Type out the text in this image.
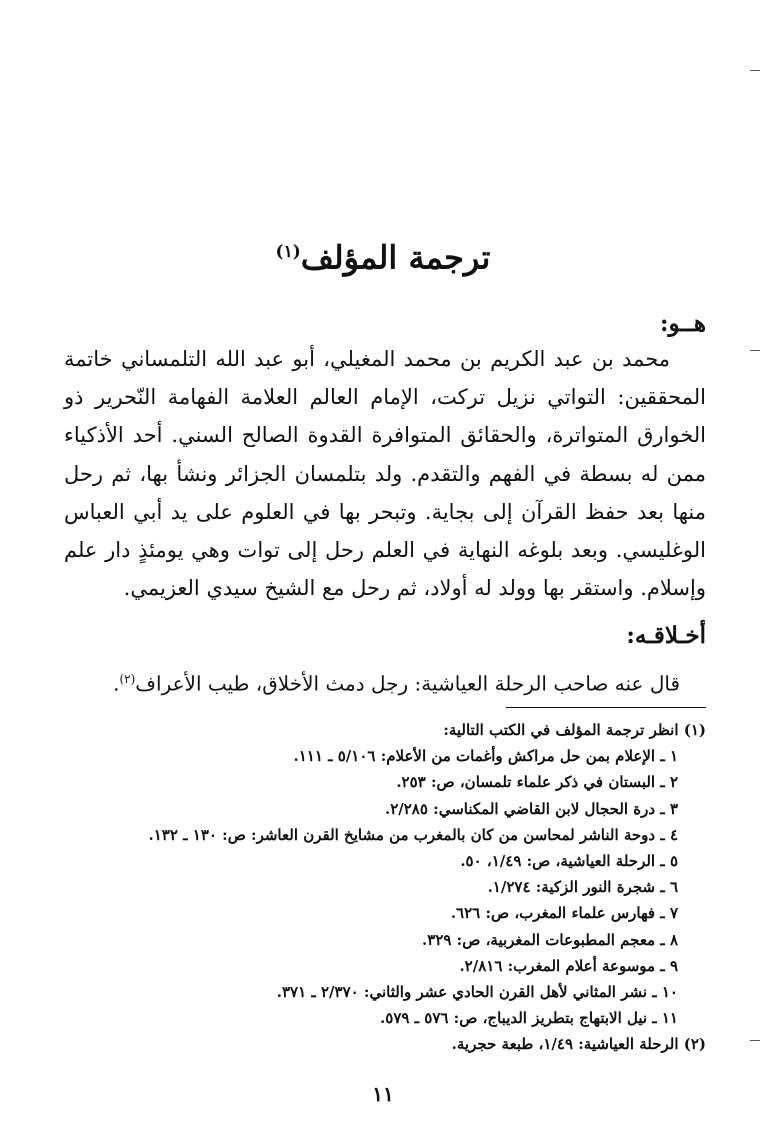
ترجمة المؤلف$^{(١)}$
هــو:

محمد بن عبد الكريم بن محمد المغيلي، أبو عبد الله التلمساني خاتمة المحققين: التواتي نزيل تركت، الإمام العالم العلامة الفهامة النّحرير ذو الخوارق المتواترة، والحقائق المتوافرة القدوة الصالح السني. أحد الأذكياء ممن له بسطة في الفهم والتقدم. ولد بتلمسان الجزائر ونشأ بها، ثم رحل منها بعد حفظ القرآن إلى بجاية. وتبحر بها في العلوم على يد أبي العباس الوغليسي. وبعد بلوغه النهاية في العلم رحل إلى توات وهي يومئذٍ دار علم وإسلام. واستقر بها وولد له أولاد، ثم رحل مع الشيخ سيدي العزيمي.

أخـلاقـه:
قال عنه صاحب الرحلة العياشية: رجل دمث الأخلاق، طيب الأعراف$^{(٢)}$.
(١) انظر ترجمة المؤلف في الكتب التالية:
١ ـ الإعلام بمن حل مراكش وأغمات من الأعلام: ٥/١٠٦ ـ ١١١.
٢ ـ البستان في ذكر علماء تلمسان، ص: ٢٥٣.
٣ ـ درة الحجال لابن القاضي المكناسي: ٢/٢٨٥.
٤ ـ دوحة الناشر لمحاسن من كان بالمغرب من مشايخ القرن العاشر: ص: ١٣٠ ـ ١٣٢.
٥ ـ الرحلة العياشية، ص: ١/٤٩، ٥٠.
٦ ـ شجرة النور الزكية: ١/٢٧٤.
٧ ـ فهارس علماء المغرب، ص: ٦٢٦.
٨ ـ معجم المطبوعات المغربية، ص: ٣٢٩.
٩ ـ موسوعة أعلام المغرب: ٢/٨١٦.
١٠ ـ نشر المثاني لأهل القرن الحادي عشر والثاني: ٢/٣٧٠ ـ ٣٧١.
١١ ـ نيل الابتهاج بتطريز الديباج، ص: ٥٧٦ ـ ٥٧٩.
(٢) الرحلة العياشية: ١/٤٩، طبعة حجرية.
١١
